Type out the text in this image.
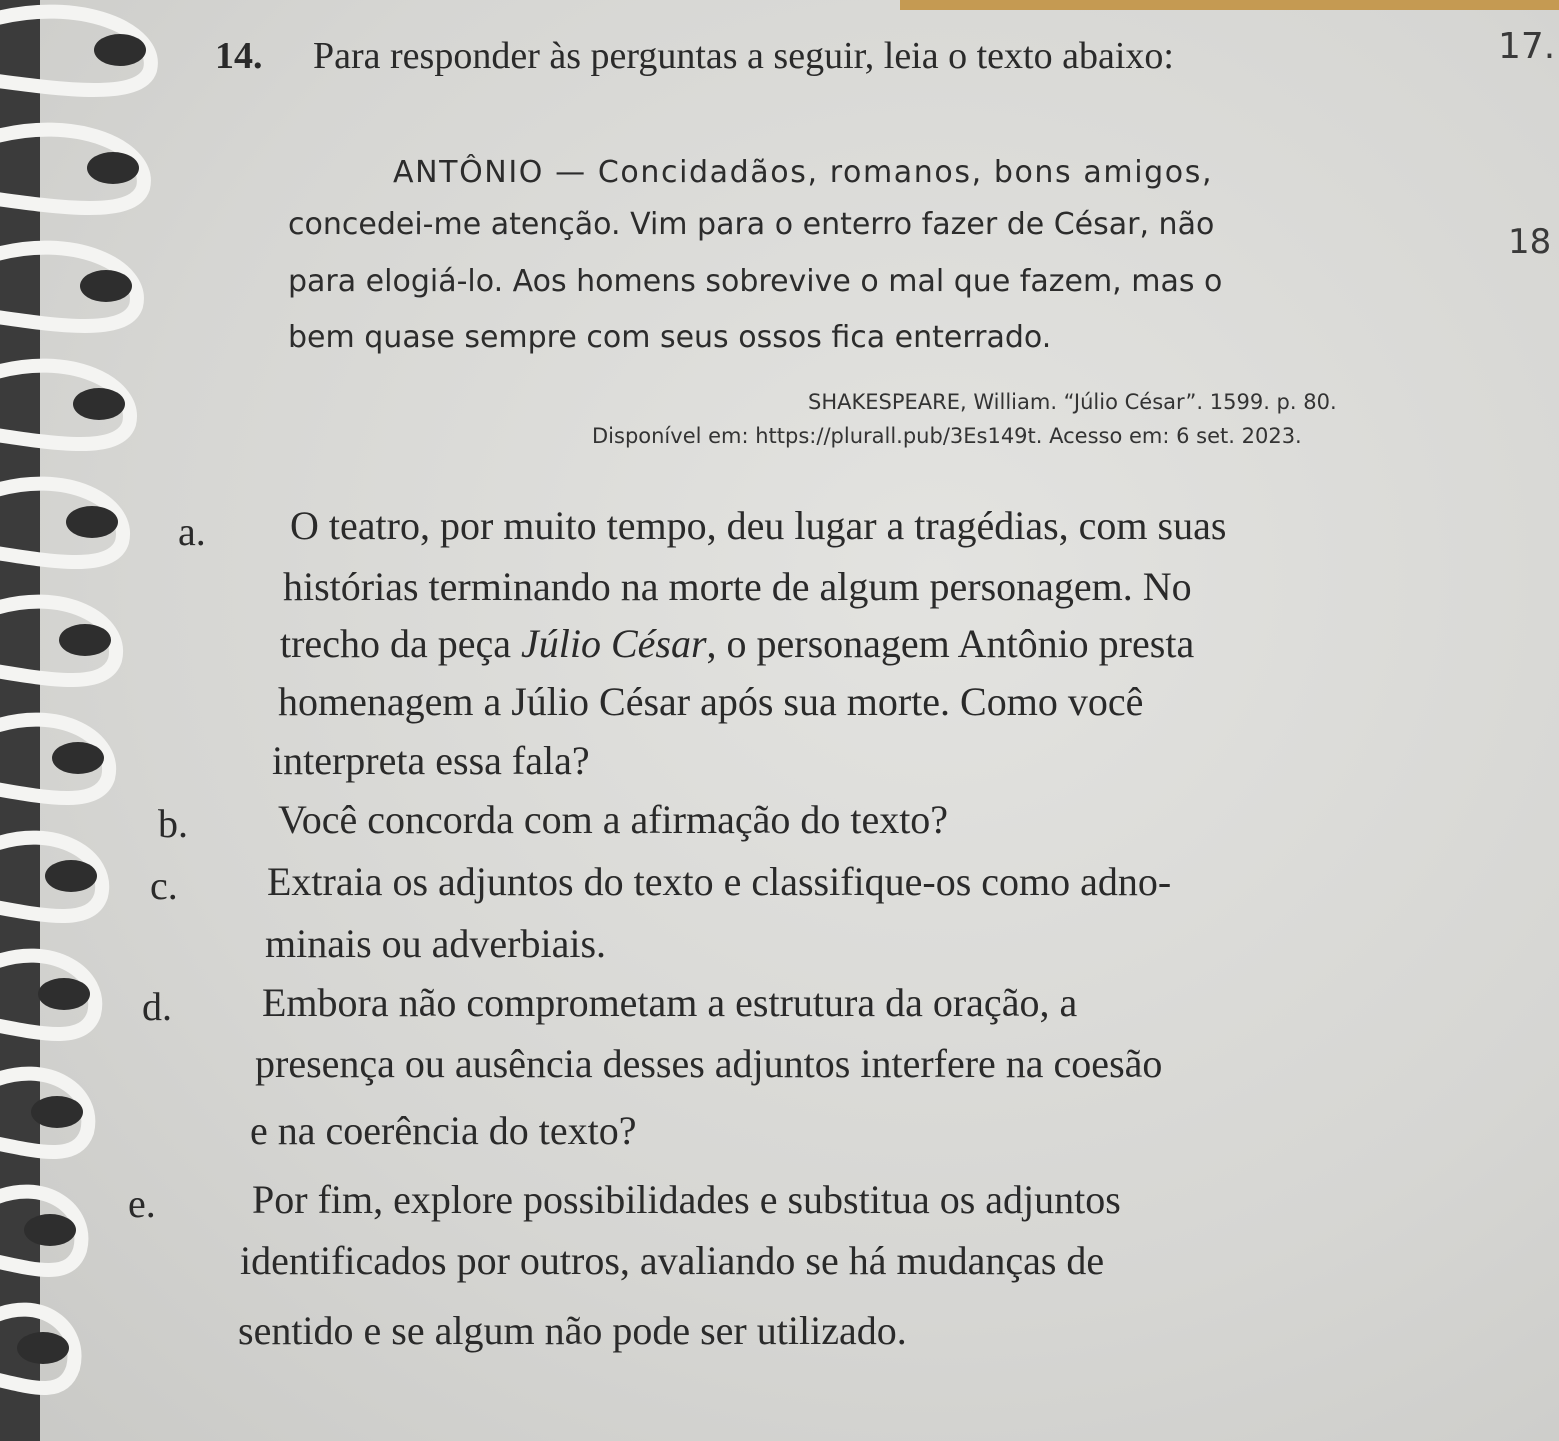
14. Para responder às perguntas a seguir, leia o texto abaixo:	17.
18
ANTÔNIO — Concidadãos, romanos, bons amigos,
concedei-me atenção. Vim para o enterro fazer de César, não
para elogiá-lo. Aos homens sobrevive o mal que fazem, mas o
bem quase sempre com seus ossos fica enterrado.
SHAKESPEARE, William. “Júlio César”. 1599. p. 80.
Disponível em: https://plurall.pub/3Es149t. Acesso em: 6 set. 2023.
a. O teatro, por muito tempo, deu lugar a tragédias, com suas
histórias terminando na morte de algum personagem. No
trecho da peça Júlio César, o personagem Antônio presta
homenagem a Júlio César após sua morte. Como você
interpreta essa fala?
b. Você concorda com a afirmação do texto?
c. Extraia os adjuntos do texto e classifique-os como adno-
minais ou adverbiais.
d. Embora não comprometam a estrutura da oração, a
presença ou ausência desses adjuntos interfere na coesão
e na coerência do texto?
e. Por fim, explore possibilidades e substitua os adjuntos
identificados por outros, avaliando se há mudanças de
sentido e se algum não pode ser utilizado.
